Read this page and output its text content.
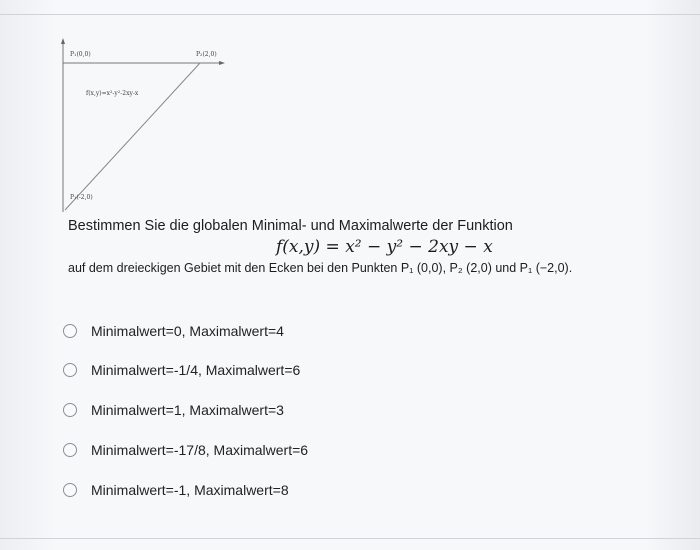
P₁(0,0)	P₂(2,0)
f(x,y)=x²-y²-2xy-x
P₁(-2,0)
Bestimmen Sie die globalen Minimal- und Maximalwerte der Funktion
f(x,y) = x² − y² − 2xy − x
auf dem dreieckigen Gebiet mit den Ecken bei den Punkten P₁ (0,0), P₂ (2,0) und P₁ (−2,0).
Minimalwert=0, Maximalwert=4
Minimalwert=-1/4, Maximalwert=6
Minimalwert=1, Maximalwert=3
Minimalwert=-17/8, Maximalwert=6
Minimalwert=-1, Maximalwert=8
